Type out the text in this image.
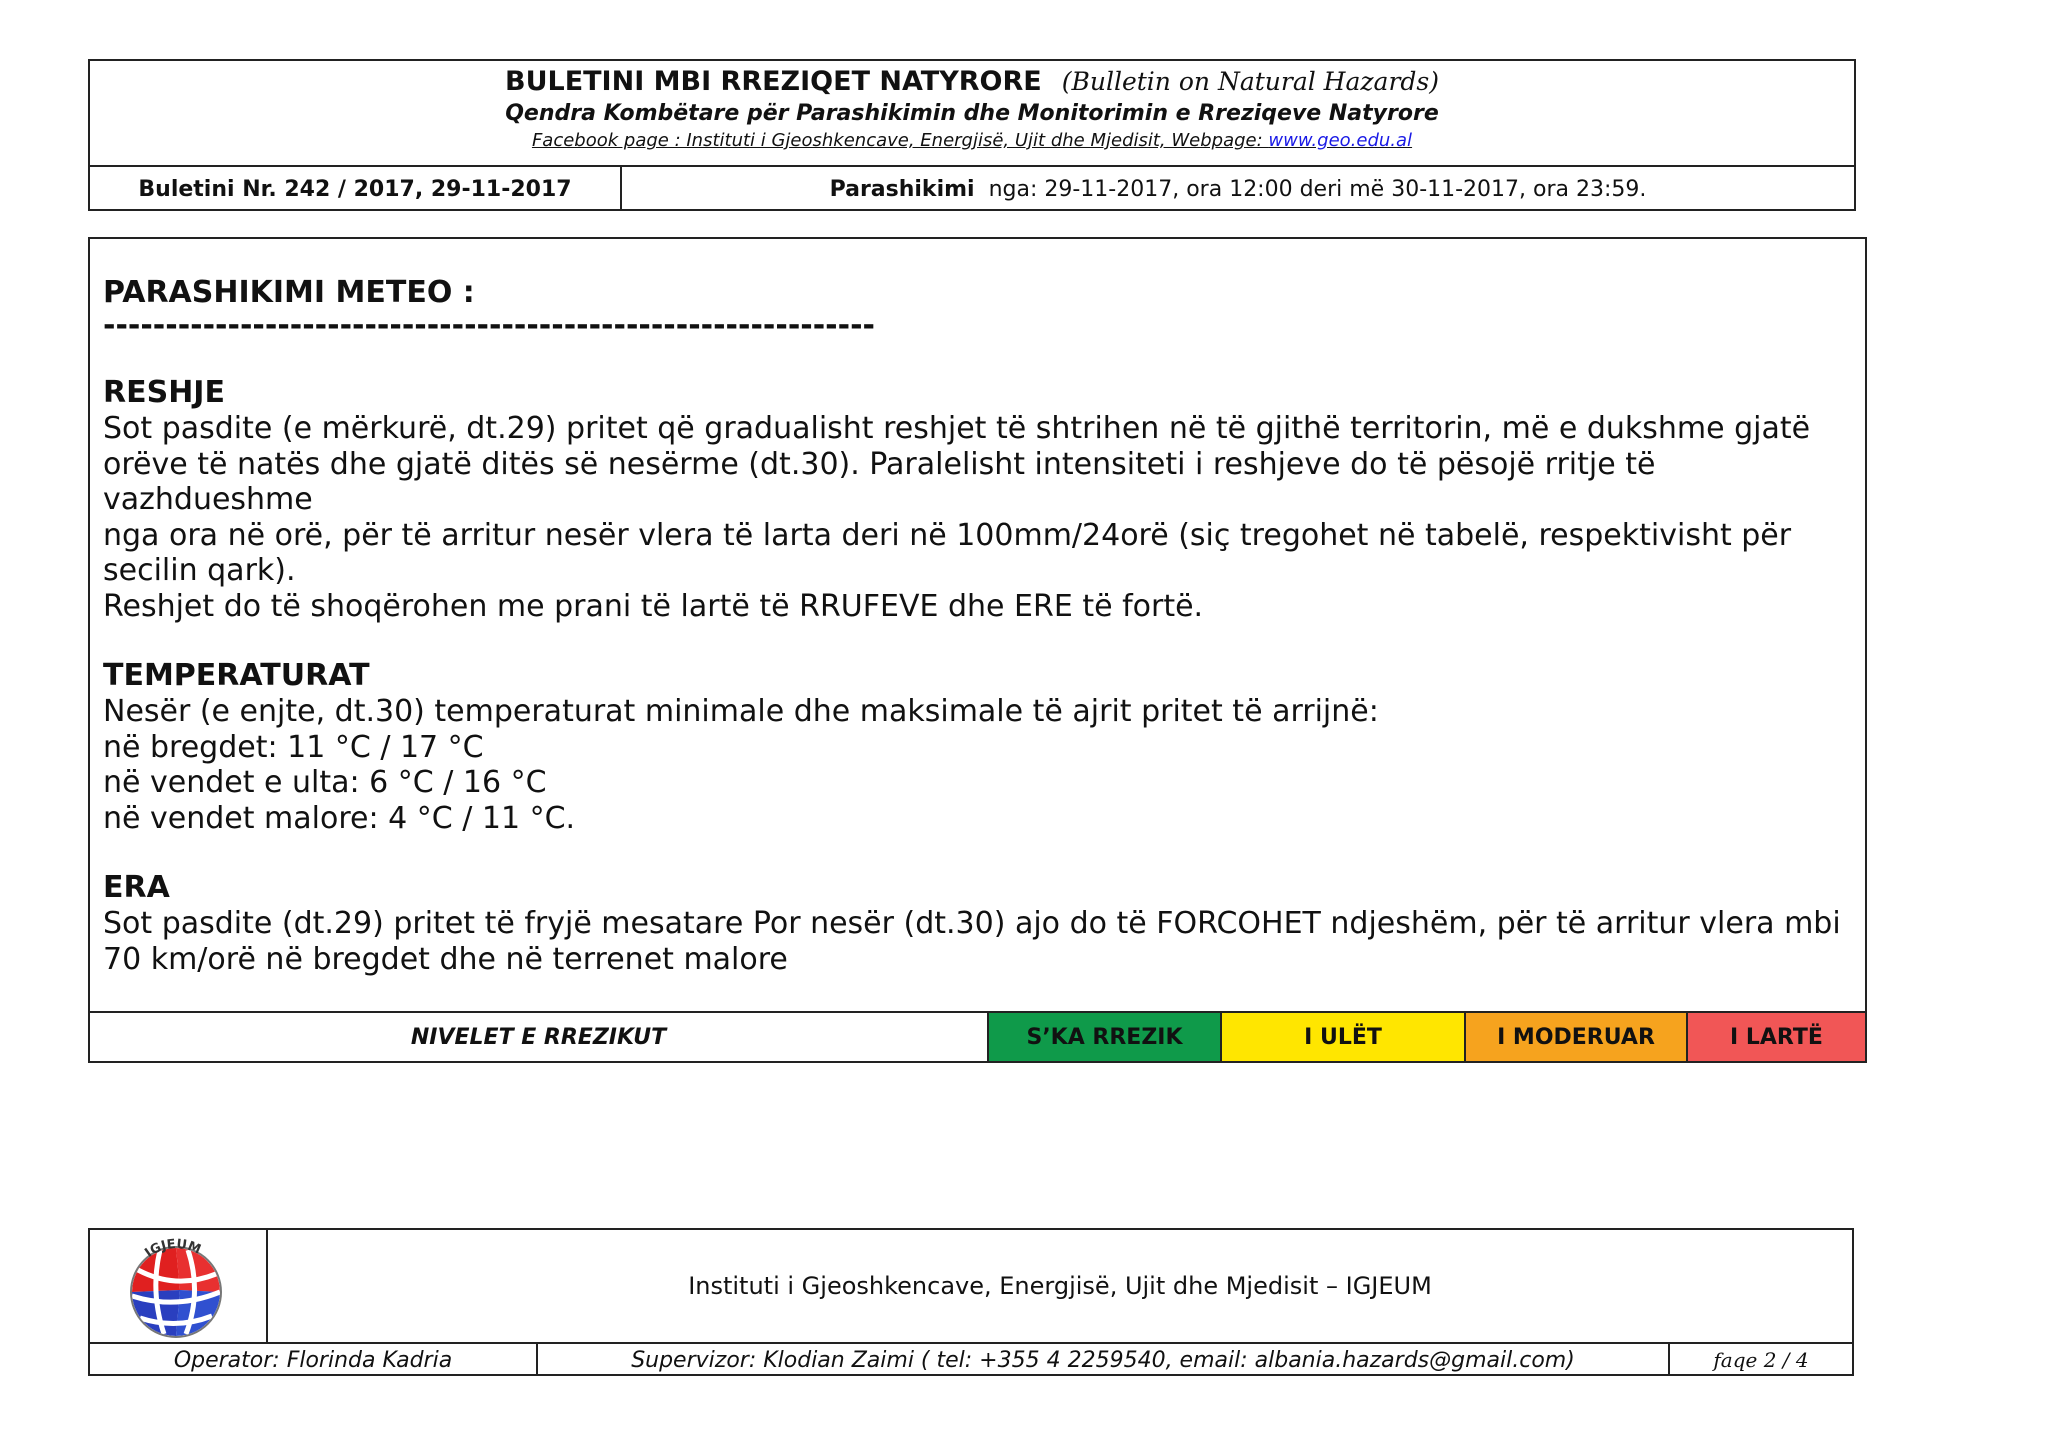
BULETINI MBI RREZIQET NATYRORE (Bulletin on Natural Hazards)
Qendra Kombëtare për Parashikimin dhe Monitorimin e Rreziqeve Natyrore
Facebook page : Instituti i Gjeoshkencave, Energjisë, Ujit dhe Mjedisit, Webpage: www.geo.edu.al
Buletini Nr. 242 / 2017, 29-11-2017	Parashikimi nga: 29-11-2017, ora 12:00 deri më 30-11-2017, ora 23:59.
PARASHIKIMI METEO :
--------------------------------------------------------------
RESHJE
Sot pasdite (e mërkurë, dt.29) pritet që gradualisht reshjet të shtrihen në të gjithë territorin, më e dukshme gjatë
orëve të natës dhe gjatë ditës së nesërme (dt.30). Paralelisht intensiteti i reshjeve do të pësojë rritje të vazhdueshme
nga ora në orë, për të arritur nesër vlera të larta deri në 100mm/24orë (siç tregohet në tabelë, respektivisht për
secilin qark).
Reshjet do të shoqërohen me prani të lartë të RRUFEVE dhe ERE të fortë.
TEMPERATURAT
Nesër (e enjte, dt.30) temperaturat minimale dhe maksimale të ajrit pritet të arrijnë:
në bregdet: 11 °C / 17 °C
në vendet e ulta: 6 °C / 16 °C
në vendet malore: 4 °C / 11 °C.
ERA
Sot pasdite (dt.29) pritet të fryjë mesatare Por nesër (dt.30) ajo do të FORCOHET ndjeshëm, për të arritur vlera mbi
70 km/orë në bregdet dhe në terrenet malore
NIVELET E RREZIKUT	S’KA RREZIK	I ULËT	I MODERUAR	I LARTË
IGJEUM
Instituti i Gjeoshkencave, Energjisë, Ujit dhe Mjedisit – IGJEUM
Operator: Florinda Kadria	Supervizor: Klodian Zaimi ( tel: +355 4 2259540, email: albania.hazards@gmail.com)	faqe 2 / 4
